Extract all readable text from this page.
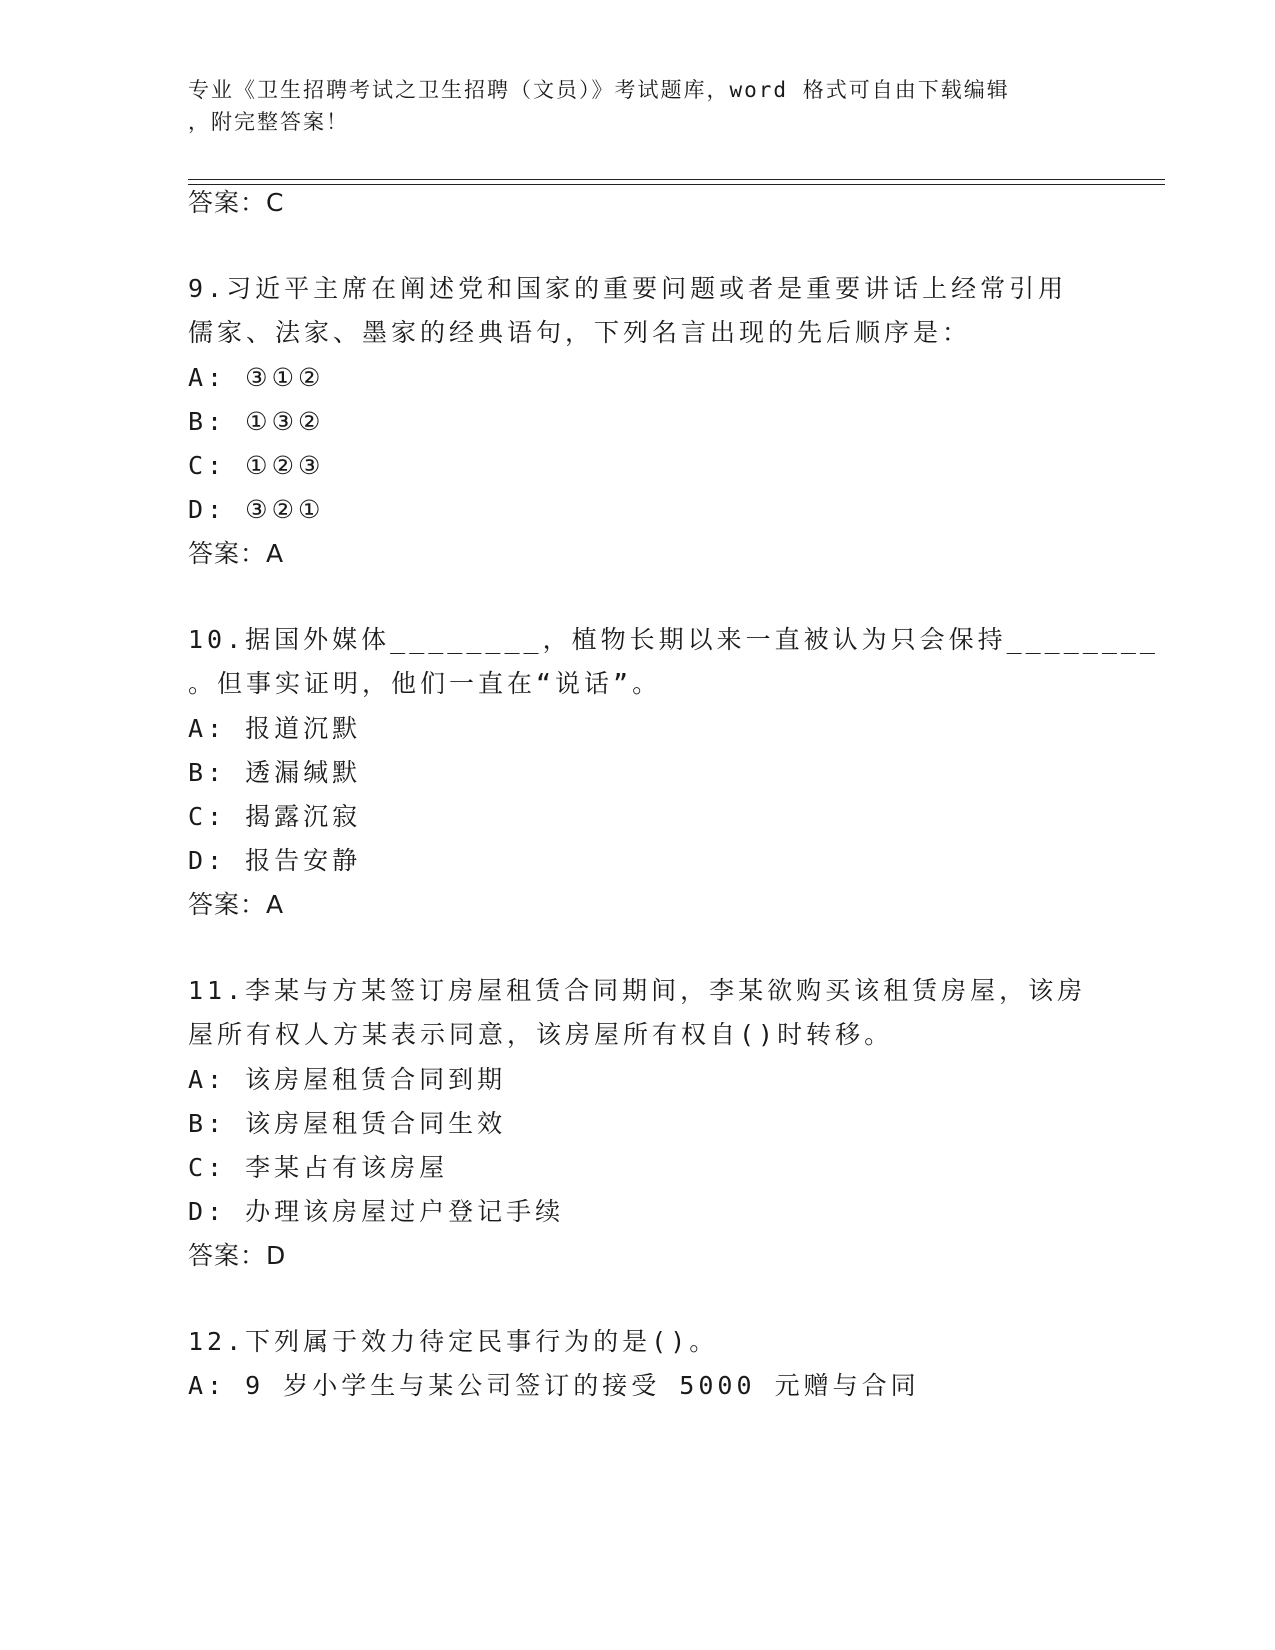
专业《卫生招聘考试之卫生招聘（文员）》考试题库，word 格式可自由下载编辑
，附完整答案！
答案：C
9.习近平主席在阐述党和国家的重要问题或者是重要讲话上经常引用
儒家、法家、墨家的经典语句，下列名言出现的先后顺序是：
A: ③①②
B: ①③②
C: ①②③
D: ③②①
答案：A
10.据国外媒体________，植物长期以来一直被认为只会保持________
。但事实证明，他们一直在“说话”。
A: 报道沉默
B: 透漏缄默
C: 揭露沉寂
D: 报告安静
答案：A
11.李某与方某签订房屋租赁合同期间，李某欲购买该租赁房屋，该房
屋所有权人方某表示同意，该房屋所有权自()时转移。
A: 该房屋租赁合同到期
B: 该房屋租赁合同生效
C: 李某占有该房屋
D: 办理该房屋过户登记手续
答案：D
12.下列属于效力待定民事行为的是()。
A: 9 岁小学生与某公司签订的接受 5000 元赠与合同
